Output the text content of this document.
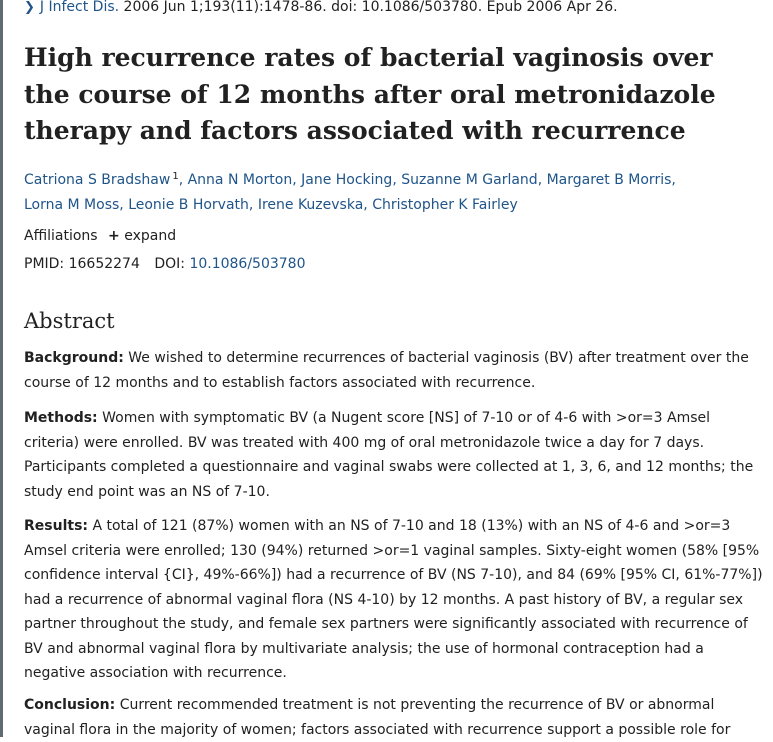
❯ J Infect Dis. 2006 Jun 1;193(11):1478-86. doi: 10.1086/503780. Epub 2006 Apr 26.
High recurrence rates of bacterial vaginosis over the course of 12 months after oral metronidazole therapy and factors associated with recurrence
Catriona S Bradshaw $^1$, Anna N Morton, Jane Hocking, Suzanne M Garland, Margaret B Morris,
Lorna M Moss, Leonie B Horvath, Irene Kuzevska, Christopher K Fairley
Affiliations + expand
PMID: 16652274 DOI: 10.1086/503780
Abstract

Background: We wished to determine recurrences of bacterial vaginosis (BV) after treatment over the course of 12 months and to establish factors associated with recurrence.

Methods: Women with symptomatic BV (a Nugent score [NS] of 7-10 or of 4-6 with >or=3 Amsel criteria) were enrolled. BV was treated with 400 mg of oral metronidazole twice a day for 7 days. Participants completed a questionnaire and vaginal swabs were collected at 1, 3, 6, and 12 months; the study end point was an NS of 7-10.

Results: A total of 121 (87%) women with an NS of 7-10 and 18 (13%) with an NS of 4-6 and >or=3 Amsel criteria were enrolled; 130 (94%) returned >or=1 vaginal samples. Sixty-eight women (58% [95% confidence interval {CI}, 49%-66%]) had a recurrence of BV (NS 7-10), and 84 (69% [95% CI, 61%-77%]) had a recurrence of abnormal vaginal flora (NS 4-10) by 12 months. A past history of BV, a regular sex partner throughout the study, and female sex partners were significantly associated with recurrence of BV and abnormal vaginal flora by multivariate analysis; the use of hormonal contraception had a negative association with recurrence.

Conclusion: Current recommended treatment is not preventing the recurrence of BV or abnormal vaginal flora in the majority of women; factors associated with recurrence support a possible role for
